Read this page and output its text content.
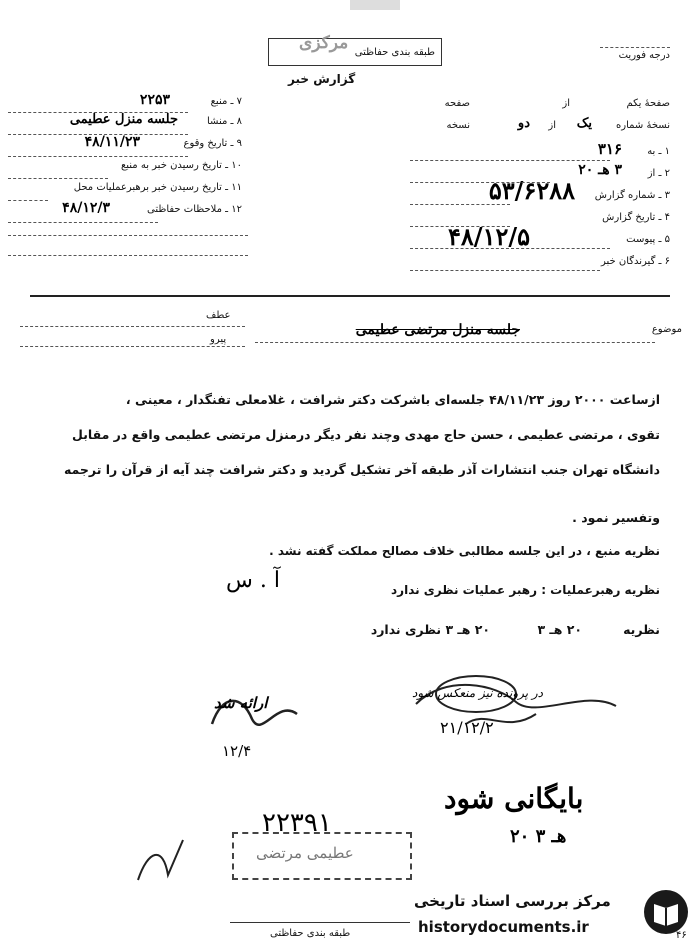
طبقه بندی حفاظتی
مرکزی
درجه فوریت
گزارش خبر
۷ ـ منبع
۲۲۵۳
۸ ـ منشا
جلسه منزل عطیمی
۹ ـ تاریخ وقوع
۴۸/۱۱/۲۳
۱۰ ـ تاریخ رسیدن خبر به منبع
۱۱ ـ تاریخ رسیدن خبر برهبرعملیات محل
۱۲ ـ ملاحظات حفاظتی
۴۸/۱۲/۳
صفحهٔ یکم
از
صفحه
نسخهٔ شماره
یک
از
دو
نسخه
۱ ـ به
۳۱۶
۲ ـ از
۳ هـ ۲۰
۳ ـ شماره گزارش
۵۳/۶۲۸۸
۴ ـ تاریخ گزارش
۴۸/۱۲/۵	۵ ـ پیوست
۶ ـ گیرندگان خبر
عطف
پیرو
موضوع
جلسه منزل مرتضی عطیمی
ازساعت ۲۰۰۰ روز ۴۸/۱۱/۲۳ جلسه‌ای باشرکت دکتر شرافت ، غلامعلی تفنگدار ، معینی ،
تقوی ، مرتضی عطیمی ، حسن حاج مهدی وچند نفر دیگر درمنزل مرتضی عطیمی واقع در مقابل
دانشگاه تهران جنب انتشارات آذر طبقه آخر تشکیل گردید و دکتر شرافت چند آیه از قرآن را ترجمه
وتفسیر نمود .
نظریه منبع ، در این جلسه مطالبی خلاف مصالح مملکت گفته نشد .
نظریه رهبرعملیات : رهبر عملیات نظری ندارد
آ . س
نظریه
۲۰ هـ ۳
۲۰ هـ ۳ نظری ندارد
در پرونده نیز منعکس شود
۲۱/۱۲/۲
ارائه شد
۱۲/۴
بایگانی شود
۲۰ هـ ۳
۲۲۳۹۱
عطیمی مرتضی
طبقه بندی حفاظتی	۴۶
مرکز بررسی اسناد تاریخی
historydocuments.ir
